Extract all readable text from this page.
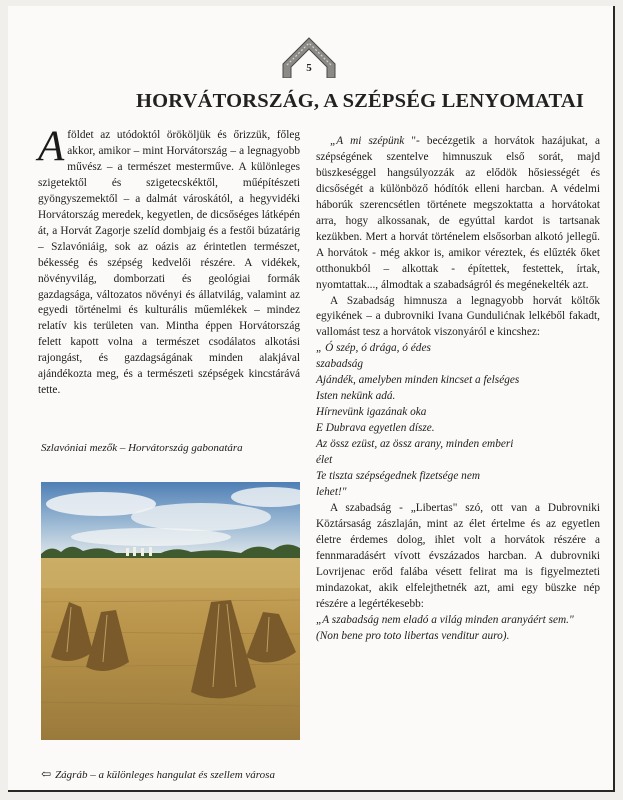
5
HORVÁTORSZÁG, A SZÉPSÉG LENYOMATAI

Aföldet az utódoktól örököljük és őrizzük, főleg akkor, amikor – mint Horvátország – a legnagyobb művész – a természet mesterműve. A különleges szigetektől és szigetecskéktől, műépítészeti gyöngyszemektől – a dalmát városkától, a hegyvidéki Horvátország meredek, kegyetlen, de dicsőséges látképén át, a Horvát Zagorje szelíd dombjaig és a festői búzatárig – Szlavóniáig, sok az oázis az érintetlen természet, békesség és szépség kedvelői részére. A vidékek, növényvilág, domborzati és geológiai formák gazdagsága, változatos növényi és állatvilág, valamint az egyedi történelmi és kulturális műemlékek – mindez relatív kis területen van. Mintha éppen Horvátország felett kapott volna a természet csodálatos alkotási rajongást, és gazdagságának minden alakjával ajándékozta meg, és a természeti szépségek kincstárává tette.

Szlavóniai mezők – Horvátország gabonatára

„A mi szépünk "- becézgetik a horvátok hazájukat, a szépségének szentelve himnuszuk első sorát, majd büszkeséggel hangsúlyozzák az elődök hősiességét és dicsőségét a különböző hódítók elleni harcban. A védelmi háborúk szerencsétlen története megszoktatta a horvátokat arra, hogy alkossanak, de egyúttal kardot is tartsanak kezükben. Mert a horvát történelem elsősorban alkotó jellegű. A horvátok - még akkor is, amikor véreztek, és elűzték őket otthonukból – alkottak - építettek, festettek, írtak, nyomtattak..., álmodtak a szabadságról és megénekelték azt.

A Szabadság himnusza a legnagyobb horvát költők egyikének – a dubrovniki Ivana Gundulićnak lelkéből fakadt, vallomást tesz a horvátok viszonyáról e kincshez:

„ Ó szép, ó drága, ó édes

szabadság

Ajándék, amelyben minden kincset a felséges

Isten nekünk adá.

Hírnevünk igazának oka

E Dubrava egyetlen dísze.

Az össz ezüst, az össz arany, minden emberi

élet

Te tiszta szépségednek fizetsége nem

lehet!"

A szabadság - „Libertas" szó, ott van a Dubrovniki Köztársaság zászlaján, mint az élet értelme és az egyetlen életre érdemes dolog, ihlet volt a horvátok részére a fennmaradásért vívott évszázados harcban. A dubrovniki Lovrijenac erőd falába vésett felirat ma is figyelmezteti mindazokat, akik elfelejthetnék azt, ami egy büszke nép részére a legértékesebb:

„A szabadság nem eladó a világ minden aranyáért sem."

(Non bene pro toto libertas venditur auro).

⇦ Zágráb – a különleges hangulat és szellem városa
